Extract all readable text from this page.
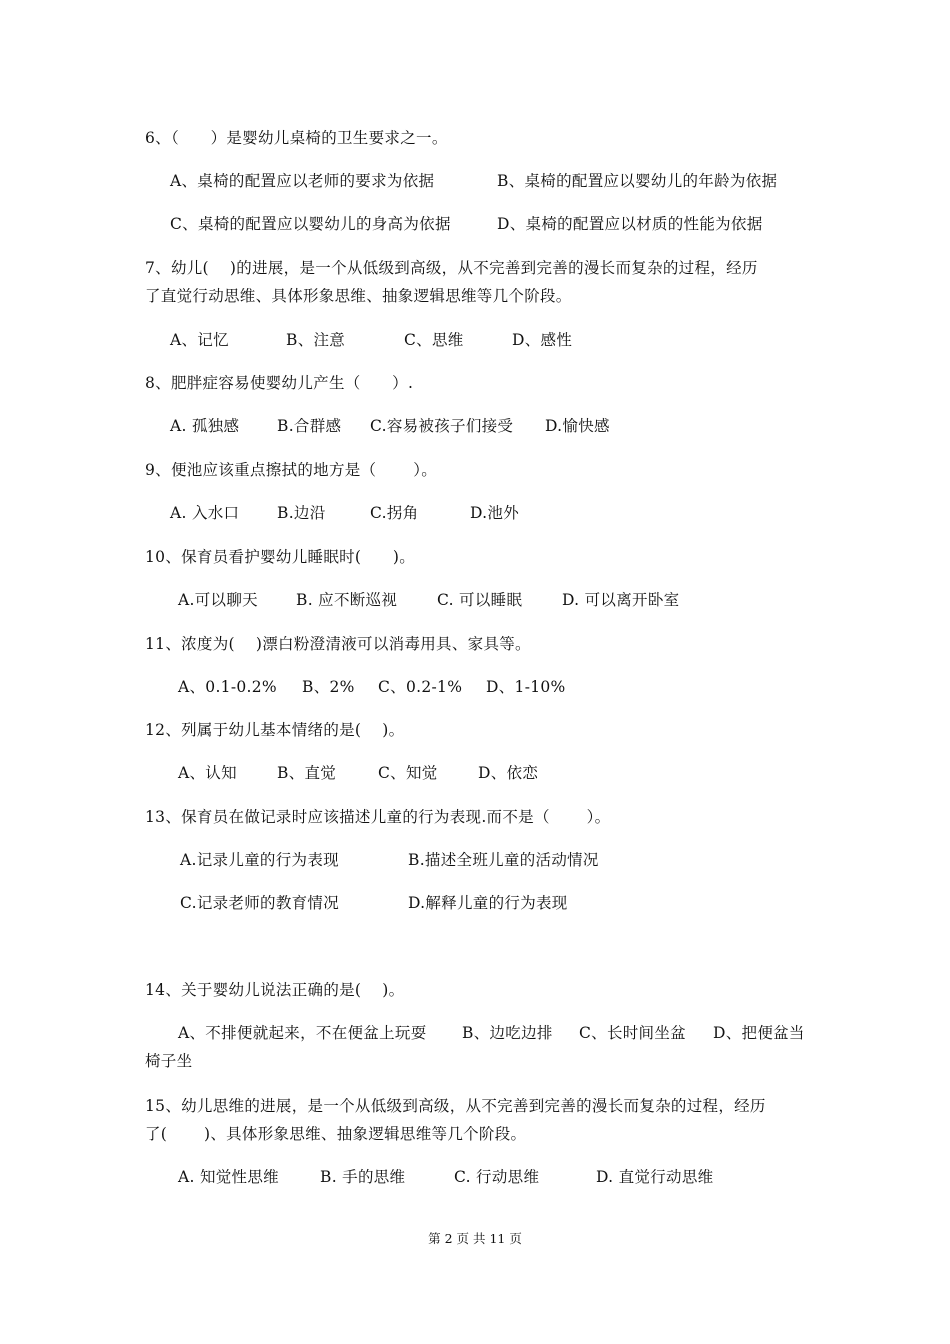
6、（　　）是婴幼儿桌椅的卫生要求之一。
A、桌椅的配置应以老师的要求为依据	B、桌椅的配置应以婴幼儿的年龄为依据
C、桌椅的配置应以婴幼儿的身高为依据	D、桌椅的配置应以材质的性能为依据
7、幼儿(　 )的进展，是一个从低级到高级，从不完善到完善的漫长而复杂的过程，经历
了直觉行动思维、具体形象思维、抽象逻辑思维等几个阶段。
A、记忆	B、注意	C、思维	D、感性
8、肥胖症容易使婴幼儿产生（　　）.
A. 孤独感 B.合群感 C.容易被孩子们接受 D.愉快感
9、便池应该重点擦拭的地方是（　　 ）。
A. 入水口 B.边沿	C.拐角	D.池外
10、保育员看护婴幼儿睡眠时(　　)。
A.可以聊天 B. 应不断巡视	C. 可以睡眠	D. 可以离开卧室
11、浓度为(　 )漂白粉澄清液可以消毒用具、家具等。
A、0.1-0.2% B、2% C、0.2-1% D、1-10%
12、列属于幼儿基本情绪的是(　 )。
A、认知	B、直觉	C、知觉	D、依恋
13、保育员在做记录时应该描述儿童的行为表现.而不是（　　 ）。
A.记录儿童的行为表现	B.描述全班儿童的活动情况
C.记录老师的教育情况	D.解释儿童的行为表现
14、关于婴幼儿说法正确的是(　 )。
A、不排便就起来，不在便盆上玩耍 B、边吃边排 C、长时间坐盆 D、把便盆当
椅子坐
15、幼儿思维的进展，是一个从低级到高级，从不完善到完善的漫长而复杂的过程，经历
了(　　 )、具体形象思维、抽象逻辑思维等几个阶段。
A. 知觉性思维	B. 手的思维	C. 行动思维	D. 直觉行动思维
第 2 页 共 11 页
